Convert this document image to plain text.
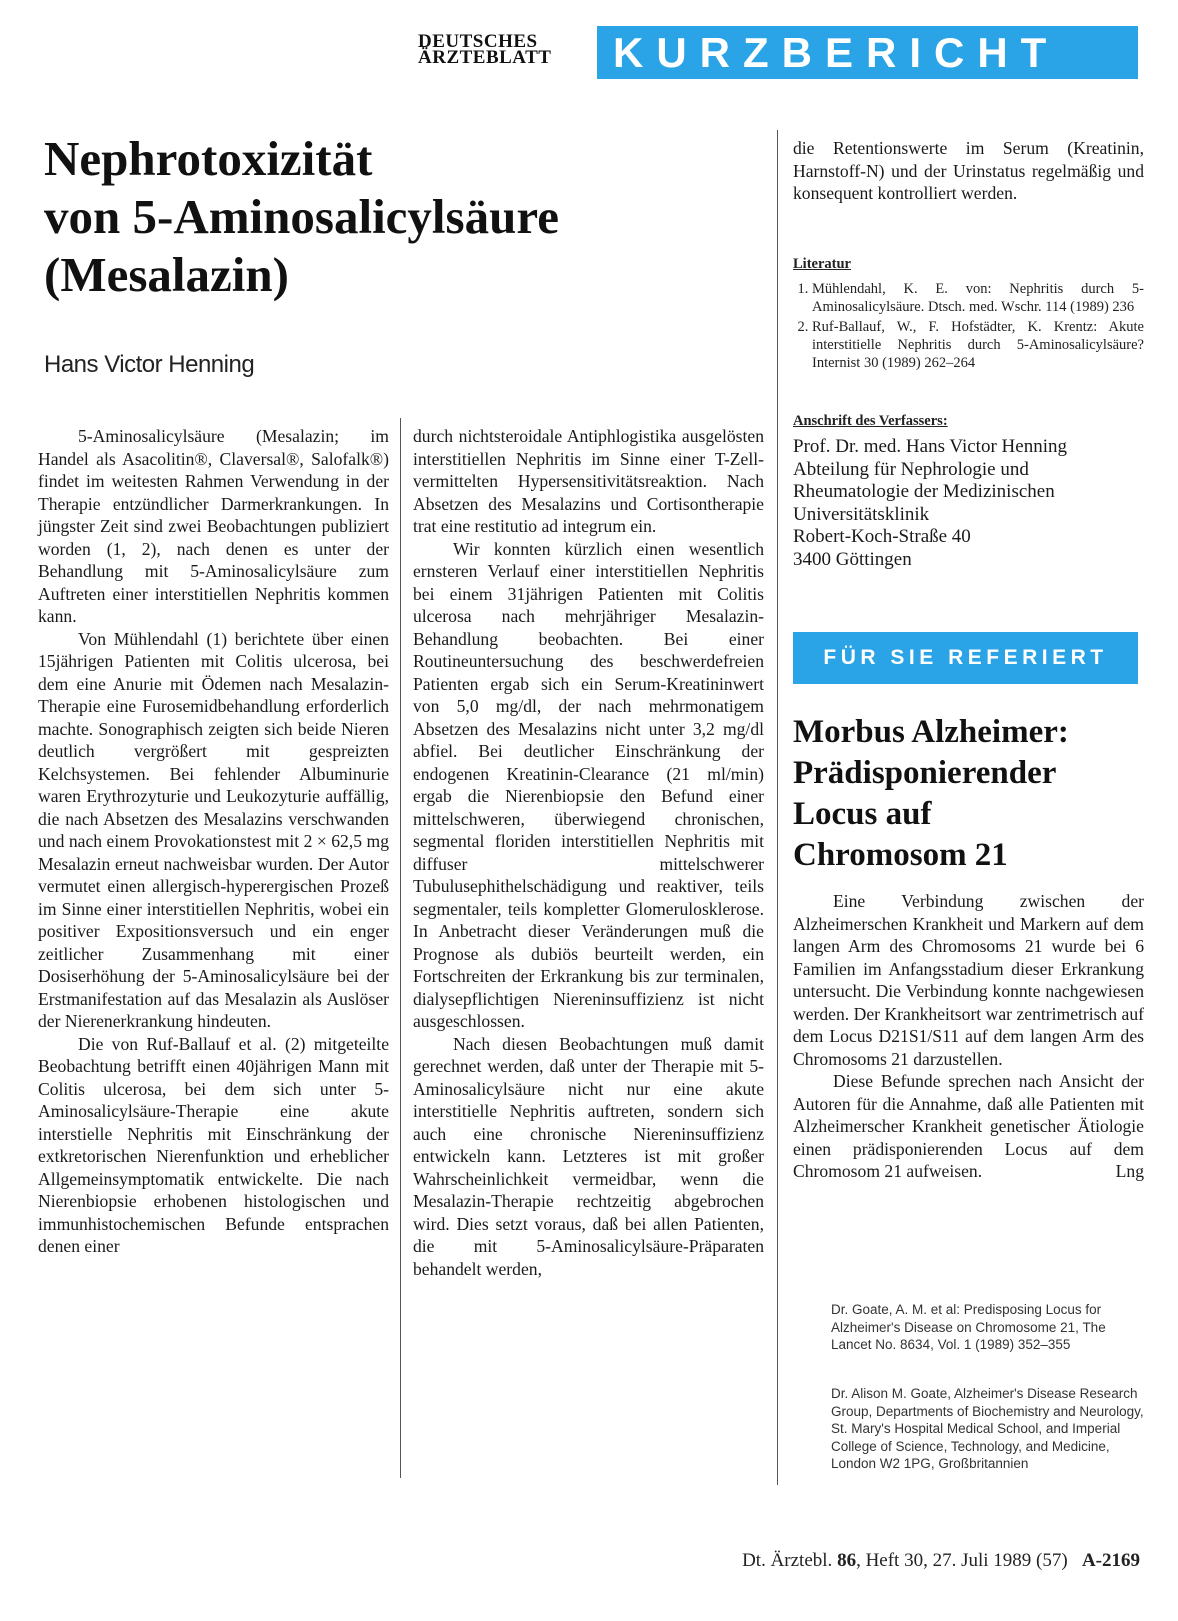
DEUTSCHES
ÄRZTEBLATT	KURZBERICHT
Nephrotoxizität
von 5-Aminosalicylsäure
(Mesalazin)
Hans Victor Henning

5-Aminosalicylsäure (Mesalazin; im Handel als Asacolitin®, Claversal®, Salofalk®) findet im weitesten Rahmen Verwendung in der Therapie entzündlicher Darmerkrankungen. In jüngster Zeit sind zwei Beobachtungen publiziert worden (1, 2), nach denen es unter der Behandlung mit 5-Aminosalicylsäure zum Auftreten einer interstitiellen Nephritis kommen kann.

Von Mühlendahl (1) berichtete über einen 15jährigen Patienten mit Colitis ulcerosa, bei dem eine Anurie mit Ödemen nach Mesalazin-Therapie eine Furosemidbehandlung erforderlich machte. Sonographisch zeigten sich beide Nieren deutlich vergrößert mit gespreizten Kelchsystemen. Bei fehlender Albuminurie waren Erythrozyturie und Leukozyturie auffällig, die nach Absetzen des Mesalazins verschwanden und nach einem Provokationstest mit 2 × 62,5 mg Mesalazin erneut nachweisbar wurden. Der Autor vermutet einen allergisch-hyperergischen Prozeß im Sinne einer interstitiellen Nephritis, wobei ein positiver Expositionsversuch und ein enger zeitlicher Zusammenhang mit einer Dosiserhöhung der 5-Aminosalicylsäure bei der Erstmanifestation auf das Mesalazin als Auslöser der Nierenerkrankung hindeuten.

Die von Ruf-Ballauf et al. (2) mitgeteilte Beobachtung betrifft einen 40jährigen Mann mit Colitis ulcerosa, bei dem sich unter 5-Aminosalicylsäure-Therapie eine akute interstielle Nephritis mit Einschränkung der extkretorischen Nierenfunktion und erheblicher Allgemeinsymptomatik entwickelte. Die nach Nierenbiopsie erhobenen histologischen und immunhistochemischen Befunde entsprachen denen einer

durch nichtsteroidale Antiphlogistika ausgelösten interstitiellen Nephritis im Sinne einer T-Zell-vermittelten Hypersensitivitätsreaktion. Nach Absetzen des Mesalazins und Cortisontherapie trat eine restitutio ad integrum ein.

Wir konnten kürzlich einen wesentlich ernsteren Verlauf einer interstitiellen Nephritis bei einem 31jährigen Patienten mit Colitis ulcerosa nach mehrjähriger Mesalazin-Behandlung beobachten. Bei einer Routineuntersuchung des beschwerdefreien Patienten ergab sich ein Serum-Kreatininwert von 5,0 mg/dl, der nach mehrmonatigem Absetzen des Mesalazins nicht unter 3,2 mg/dl abfiel. Bei deutlicher Einschränkung der endogenen Kreatinin-Clearance (21 ml/min) ergab die Nierenbiopsie den Befund einer mittelschweren, überwiegend chronischen, segmental floriden interstitiellen Nephritis mit diffuser mittelschwerer Tubulusephithelschädigung und reaktiver, teils segmentaler, teils kompletter Glomerulosklerose. In Anbetracht dieser Veränderungen muß die Prognose als dubiös beurteilt werden, ein Fortschreiten der Erkrankung bis zur terminalen, dialysepflichtigen Niereninsuffizienz ist nicht ausgeschlossen.

Nach diesen Beobachtungen muß damit gerechnet werden, daß unter der Therapie mit 5-Aminosalicylsäure nicht nur eine akute interstitielle Nephritis auftreten, sondern sich auch eine chronische Niereninsuffizienz entwickeln kann. Letzteres ist mit großer Wahrscheinlichkeit vermeidbar, wenn die Mesalazin-Therapie rechtzeitig abgebrochen wird. Dies setzt voraus, daß bei allen Patienten, die mit 5-Aminosalicylsäure-Präparaten behandelt werden,

die Retentionswerte im Serum (Kreatinin, Harnstoff-N) und der Urinstatus regelmäßig und konsequent kontrolliert werden.

Literatur
1. Mühlendahl, K. E. von: Nephritis durch 5-Aminosalicylsäure. Dtsch. med. Wschr. 114 (1989) 236
2. Ruf-Ballauf, W., F. Hofstädter, K. Krentz: Akute interstitielle Nephritis durch 5-Aminosalicylsäure? Internist 30 (1989) 262–264
Anschrift des Verfassers:
Prof. Dr. med. Hans Victor Henning
Abteilung für Nephrologie und
Rheumatologie der Medizinischen
Universitätsklinik
Robert-Koch-Straße 40
3400 Göttingen
FÜR SIE REFERIERT
Morbus Alzheimer:
Prädisponierender
Locus auf
Chromosom 21

Eine Verbindung zwischen der Alzheimerschen Krankheit und Markern auf dem langen Arm des Chromosoms 21 wurde bei 6 Familien im Anfangsstadium dieser Erkrankung untersucht. Die Verbindung konnte nachgewiesen werden. Der Krankheitsort war zentrimetrisch auf dem Locus D21S1/S11 auf dem langen Arm des Chromosoms 21 darzustellen.

Diese Befunde sprechen nach Ansicht der Autoren für die Annahme, daß alle Patienten mit Alzheimerscher Krankheit genetischer Ätiologie einen prädisponierenden Locus auf dem Chromosom 21 aufweisen.	Lng

Dr. Goate, A. M. et al: Predisposing Locus for Alzheimer's Disease on Chromosome 21, The Lancet No. 8634, Vol. 1 (1989) 352–355
Dr. Alison M. Goate, Alzheimer's Disease Research Group, Departments of Biochemistry and Neurology, St. Mary's Hospital Medical School, and Imperial College of Science, Technology, and Medicine, London W2 1PG, Großbritannien
Dt. Ärztebl. 86, Heft 30, 27. Juli 1989 (57) A-2169
